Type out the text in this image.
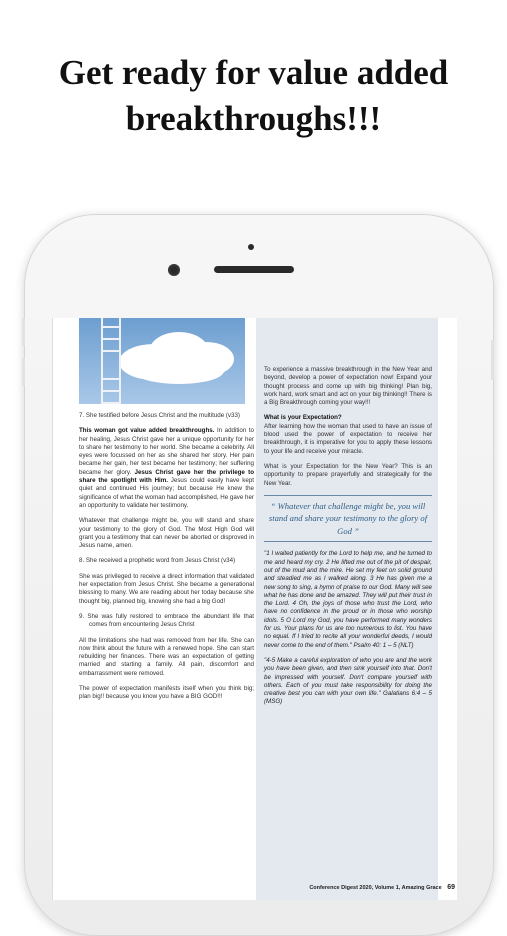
Get ready for value added
breakthroughs!!!

7. She testified before Jesus Christ and the multitude (v33)

This woman got value added breakthroughs. In addition to her healing, Jesus Christ gave her a unique opportunity for her to share her testimony to her world. She became a celebrity. All eyes were focussed on her as she shared her story. Her pain became her gain, her test became her testimony; her suffering became her glory. Jesus Christ gave her the privilege to share the spotlight with Him. Jesus could easily have kept quiet and continued His journey; but because He knew the significance of what the woman had accomplished, He gave her an opportunity to validate her testimony.

Whatever that challenge might be, you will stand and share your testimony to the glory of God. The Most High God will grant you a testimony that can never be aborted or disproved in Jesus name, amen.

8. She received a prophetic word from Jesus Christ (v34)

She was privileged to receive a direct information that validated her expectation from Jesus Christ. She became a generational blessing to many. We are reading about her today because she thought big, planned big, knowing she had a big God!

9. She was fully restored to embrace the abundant life that comes from encountering Jesus Christ

All the limitations she had was removed from her life. She can now think about the future with a renewed hope. She can start rebuilding her finances. There was an expectation of getting married and starting a family. All pain, discomfort and embarrassment were removed.

The power of expectation manifests itself when you think big; plan big!! because you know you have a BIG GOD!!!

To experience a massive breakthrough in the New Year and beyond, develop a power of expectation now! Expand your thought process and come up with big thinking! Plan big, work hard, work smart and act on your big thinking!! There is a Big Breakthrough coming your way!!!

What is your Expectation?

After learning how the woman that used to have an issue of blood used the power of expectation to receive her breakthrough, it is imperative for you to apply these lessons to your life and receive your miracle.

What is your Expectation for the New Year? This is an opportunity to prepare prayerfully and strategically for the New Year.

“ Whatever that challenge might be, you will stand and share your testimony to the glory of God ”

"1 I waited patiently for the Lord to help me, and he turned to me and heard my cry. 2 He lifted me out of the pit of despair, out of the mud and the mire. He set my feet on solid ground and steadied me as I walked along. 3 He has given me a new song to sing, a hymn of praise to our God. Many will see what he has done and be amazed. They will put their trust in the Lord. 4 Oh, the joys of those who trust the Lord, who have no confidence in the proud or in those who worship idols. 5 O Lord my God, you have performed many wonders for us. Your plans for us are too numerous to list. You have no equal. If I tried to recite all your wonderful deeds, I would never come to the end of them." Psalm 40: 1 – 5 (NLT)

"4-5 Make a careful exploration of who you are and the work you have been given, and then sink yourself into that. Don't be impressed with yourself. Don't compare yourself with others. Each of you must take responsibility for doing the creative best you can with your own life." Galatians 6:4 – 5 (MSG)

Conference Digest 2020, Volume 1, Amazing Grace 69
